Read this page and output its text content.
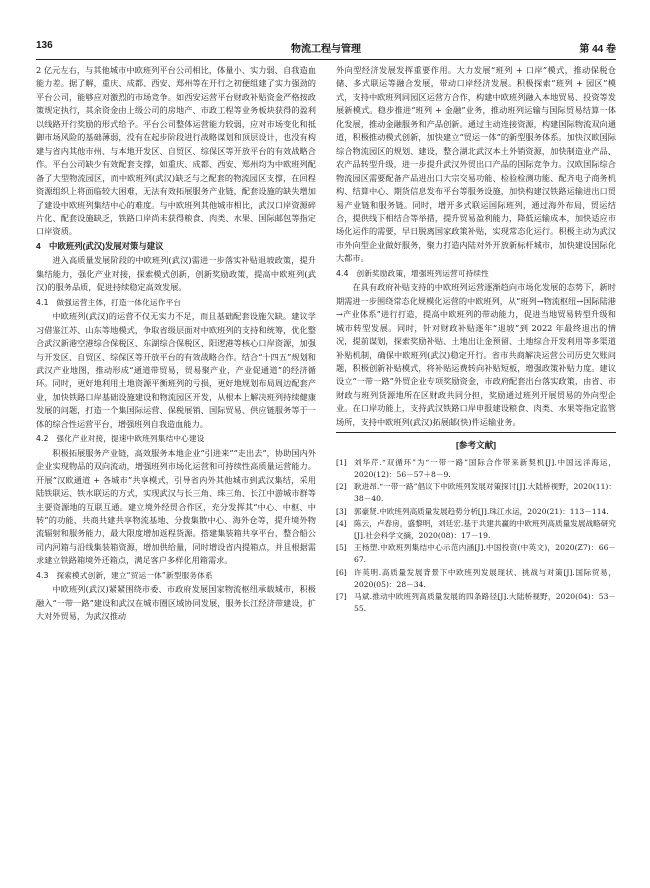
136	物流工程与管理	第 44 卷

2 亿元左右，与其他城市中欧班列平台公司相比，体量小、实力弱、自我造血能力差。据了解，重庆、成都、西安、郑州等在开行之初便组建了实力强劲的平台公司，能够应对激烈的市场竞争。如西安运营平台财政补贴资金严格按政策规定执行，其余资金由上级公司的房地产、市政工程等业务板块获得的盈利以线路开行奖励的形式给予。平台公司整体运营能力较弱，应对市场变化和抵御市场风险的基础薄弱，没有在起步阶段进行战略谋划和顶层设计，也没有构建与省内其他市州、与本地开发区、自贸区、综保区等开放平台的有效战略合作。平台公司缺少有效配套支撑，如重庆、成都、西安、郑州均为中欧班列配备了大型物流园区，而中欧班列(武汉)缺乏与之配套的物流园区支撑，在回程资源组织上将面临较大困难，无法有效拓展服务产业链，配套设施的缺失增加了建设中欧班列集结中心的难度。与中欧班列其他城市相比，武汉口岸资源碎片化、配套设施缺乏，铁路口岸尚未获得粮食、肉类、水果、国际邮包等指定口岸资质。

4　中欧班列(武汉)发展对策与建议

进入高质量发展阶段的中欧班列(武汉)需进一步落实补贴退坡政策，提升集结能力，强化产业对接，探索模式创新，创新奖励政策，提高中欧班列(武汉)的服务品质，促进持续稳定高效发展。

4.1　做强运营主体，打造一体化运作平台

中欧班列(武汉)的运营不仅无实力不足，而且基础配套设施欠缺。建议学习借鉴江苏、山东等地模式，争取省级层面对中欧班列的支持和统筹，优化整合武汉新港空港综合保税区、东湖综合保税区、阳逻港等核心口岸资源，加强与开发区、自贸区、综保区等开放平台的有效战略合作。结合“十四五”规划和武汉产业地图，推动形成“通道带贸易，贸易聚产业，产业促通道”的经济循环。同时，更好地利用土地资源平衡班列的亏损，更好地规划布局周边配套产业，加快铁路口岸基础设施建设和物流园区开发，从根本上解决班列持续健康发展的问题，打造一个集国际运营、保税展销、国际贸易、供应链服务等于一体的综合性运营平台，增强班列自我造血能力。

4.2　强化产业对接，提速中欧班列集结中心建设

积极拓展服务产业链，高效服务本地企业“引进来”“走出去”，协助国内外企业实现物品的双向流动，增强班列市场化运营和可持续性高质量运营能力。开展“汉欧通道 + 各城市”共享模式，引导省内外其他城市到武汉集结，采用陆铁联运、铁水联运的方式，实现武汉与长三角、珠三角、长江中游城市群等主要资源地的互联互通。建立境外经贸合作区，充分发挥其“中心、中枢、中转”的功能，共商共建共享物流基地、分拨集散中心、海外仓等，提升境外物流辐射和服务能力，最大限度增加返程货源。搭建集装箱共享平台，整合船公司内河箱与沿线集装箱资源，增加供给量，同时增设省内提箱点，并且根据需求建立铁路箱境外还箱点，满足客户多样化用箱需求。

4.3　探索模式创新，建立“贸运一体”新型服务体系

中欧班列(武汉)紧紧围绕市委、市政府发展国家物流枢纽承载城市，积极融入“一带一路”建设和武汉在城市圈区域协同发展，服务长江经济带建设，扩大对外贸易，为武汉推动

外向型经济发展发挥重要作用。大力发展“班列 + 口岸”模式，推动保税仓储、多式联运等融合发展，带动口岸经济发展。积极探索“班列 + 园区”模式，支持中欧班列同园区运营方合作，构建中欧班列融入本地贸易、投资等发展新模式。稳步推进“班列 + 金融”业务，推动班列运输与国际贸易结算一体化发展，推动金融服务和产品创新。通过主动连接资源，构建国际物流双向通道，积极推动模式创新，加快建立“贸运一体”的新型服务体系。加快汉欧国际综合物流园区的规划、建设，整合湖北武汉本土外销资源，加快制造业产品、农产品转型升级，进一步提升武汉外贸出口产品的国际竞争力。汉欧国际综合物流园区需要配备产品进出口大宗交易功能、检验检测功能、配齐电子商务机构、结算中心、期货信息发布平台等服务设施，加快构建汉铁路运输进出口贸易产业链和服务链。同时，增开多式联运国际班列，通过海外布局，贸运结合，提供线下相结合等举措，提升贸易盈利能力，降低运输成本，加快适应市场化运作的需要，早日脱离国家政策补贴，实现常态化运行。积极主动为武汉市外向型企业做好服务，聚力打造内陆对外开放新标杆城市，加快建设国际化大都市。

4.4　创新奖励政策，增强班列运营可持续性

在具有政府补贴支持的中欧班列运营逐渐趋向市场化发展的态势下，新时期需进一步围绕常态化规模化运营的中欧班列，从“班列→物流枢纽→国际陆港→产业体系”进行打造，提高中欧班列的带动能力，促进当地贸易转型升级和城市转型发展。同时，针对财政补贴逐年“退坡”到 2022 年最终退出的情况，提前谋划，探索奖励补贴、土地出让金预留、土地综合开发利用等多渠道补贴机制，确保中欧班列(武汉)稳定开行。省市共商解决运营公司历史欠账问题，积极创新补贴模式，将补贴运费转向补贴短板，增强政策补贴力度。建议设立“一带一路”外贸企业专项奖励资金，市政府配套出台落实政策，由省、市财政与班列货源地所在区财政共同分担，奖励通过班列开展贸易的外向型企业。在口岸功能上，支持武汉铁路口岸申报建设粮食、肉类、水果等指定监管场所，支持中欧班列(武汉)拓展邮(快)件运输业务。

[参考文献]
[1] 刘华芹.“双循环”为“一带一路”国际合作带来新契机[J].中国远洋海运，2020(12)：56－57＋8－9.
[2] 耿进昂.“一带一路”倡议下中欧班列发展对策探讨[J].大陆桥视野，2020(11)：38－40.
[3] 郭豪贤.中欧班列高质量发展趋势分析[J].珠江水运，2020(21)：113－114.
[4] 陈云，卢春房，盛黎明，刘廷宏.基于共建共赢的中欧班列高质量发展战略研究[J].社会科学文摘，2020(08)：17－19.
[5] 王杨塑.中欧班列集结中心示范内涵[J].中国投资(中英文)，2020(Z7)：66－67.
[6] 许英明.高质量发展背景下中欧班列发展现状、挑战与对策[J].国际贸易，2020(05)：28－34.
[7] 马斌.推动中欧班列高质量发展的四条路径[J].大陆桥视野，2020(04)：53－55.
